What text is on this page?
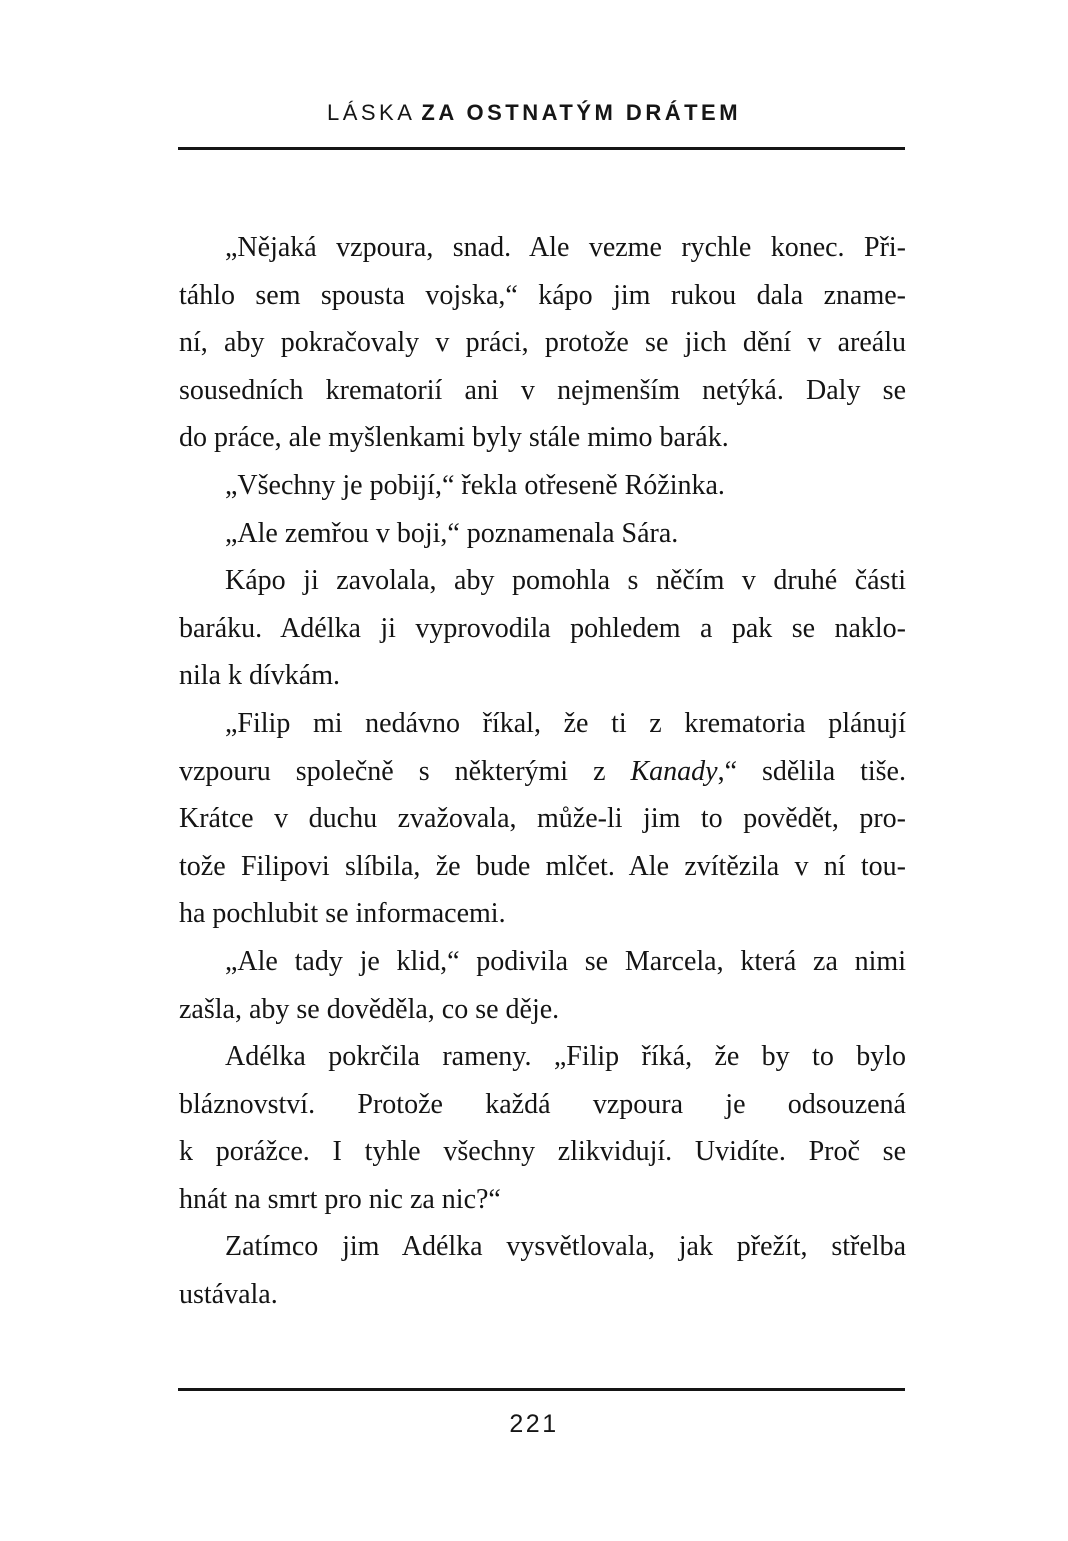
LÁSKA ZA OSTNATÝM DRÁTEM
„Nějaká vzpoura, snad. Ale vezme rychle konec. Při-
táhlo sem spousta vojska,“ kápo jim rukou dala zname-
ní, aby pokračovaly v práci, protože se jich dění v areálu
sousedních krematorií ani v nejmenším netýká. Daly se
do práce, ale myšlenkami byly stále mimo barák.
„Všechny je pobijí,“ řekla otřeseně Róžinka.
„Ale zemřou v boji,“ poznamenala Sára.
Kápo ji zavolala, aby pomohla s něčím v druhé části
baráku. Adélka ji vyprovodila pohledem a pak se naklo-
nila k dívkám.
„Filip mi nedávno říkal, že ti z krematoria plánují
vzpouru společně s některými z Kanady,“ sdělila tiše.
Krátce v duchu zvažovala, může-li jim to povědět, pro-
tože Filipovi slíbila, že bude mlčet. Ale zvítězila v ní tou-
ha pochlubit se informacemi.
„Ale tady je klid,“ podivila se Marcela, která za nimi
zašla, aby se dověděla, co se děje.
Adélka pokrčila rameny. „Filip říká, že by to bylo
bláznovství. Protože každá vzpoura je odsouzená
k porážce. I tyhle všechny zlikvidují. Uvidíte. Proč se
hnát na smrt pro nic za nic?“
Zatímco jim Adélka vysvětlovala, jak přežít, střelba
ustávala.
221
